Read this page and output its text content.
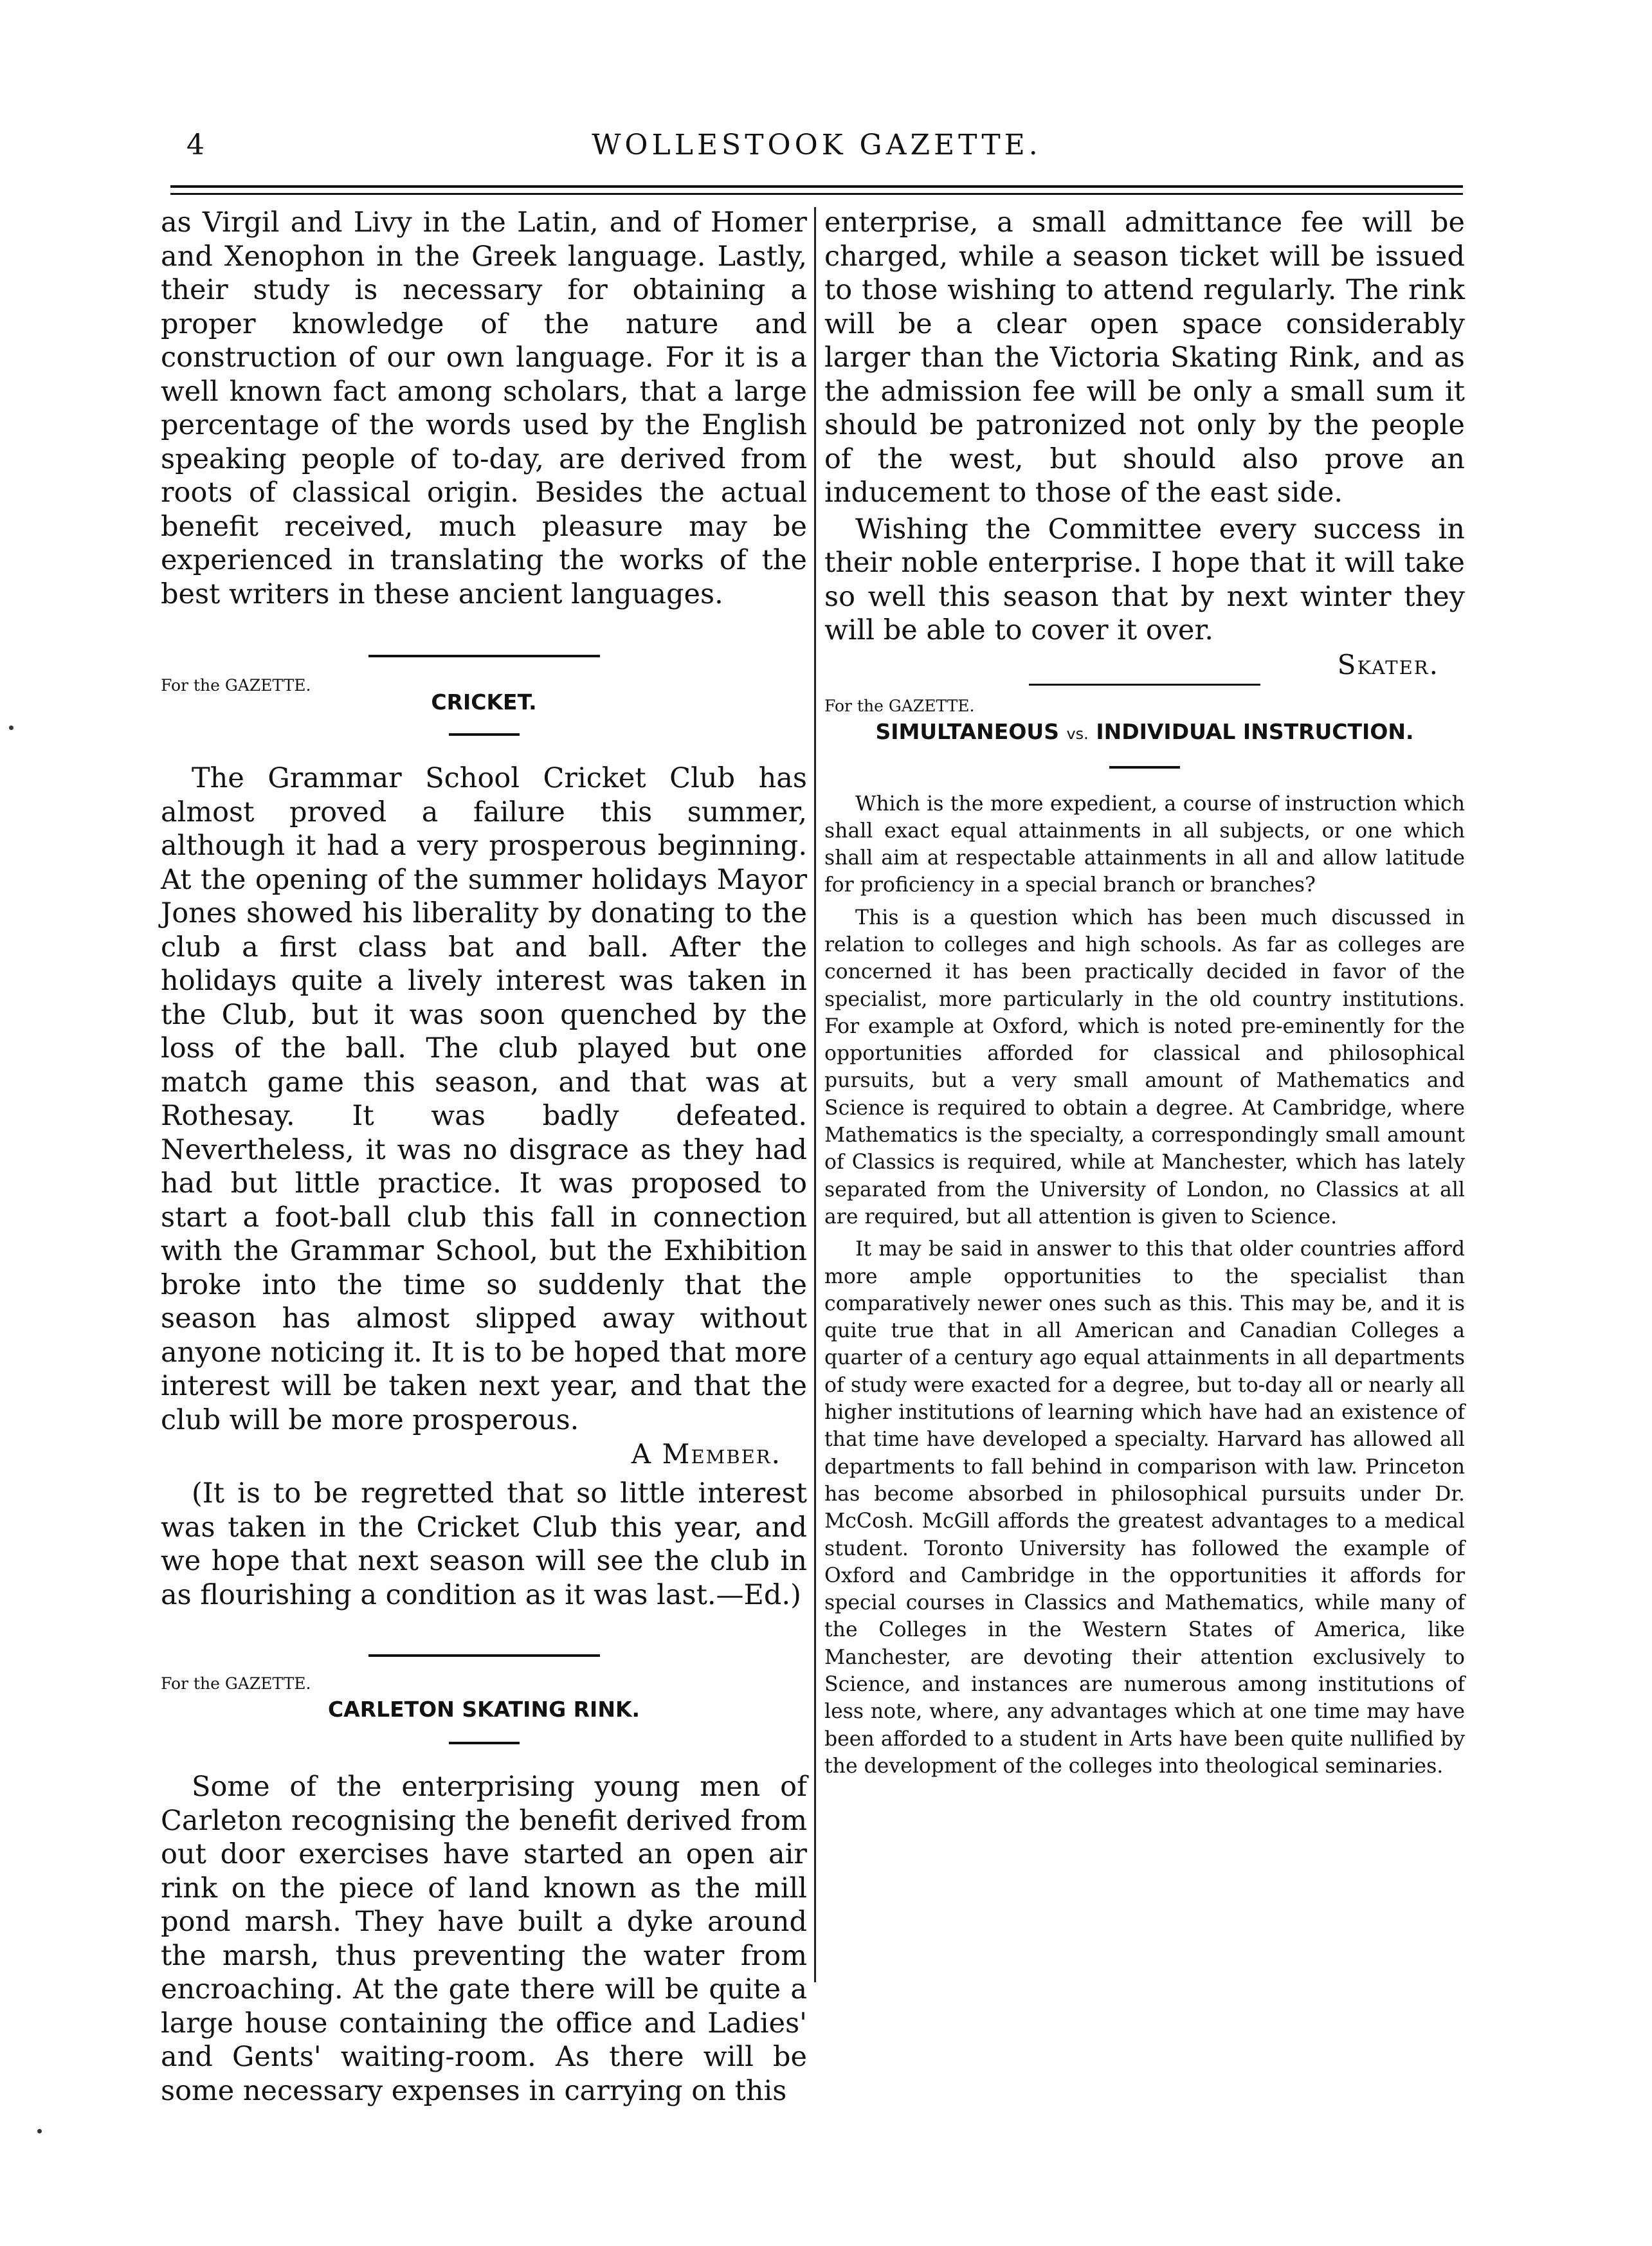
4	WOLLESTOOK GAZETTE.

as Virgil and Livy in the Latin, and of Homer and Xenophon in the Greek language. Lastly, their study is necessary for obtaining a proper knowledge of the nature and construction of our own language. For it is a well known fact among scholars, that a large percentage of the words used by the English speaking people of to-day, are derived from roots of classical origin. Besides the actual benefit received, much pleasure may be experienced in translating the works of the best writers in these ancient languages.

For the GAZETTE.
CRICKET.

The Grammar School Cricket Club has almost proved a failure this summer, although it had a very prosperous beginning. At the opening of the summer holidays Mayor Jones showed his liberality by donating to the club a first class bat and ball. After the holidays quite a lively interest was taken in the Club, but it was soon quenched by the loss of the ball. The club played but one match game this season, and that was at Rothesay. It was badly defeated. Nevertheless, it was no disgrace as they had had but little practice. It was proposed to start a foot-ball club this fall in connection with the Grammar School, but the Exhibition broke into the time so suddenly that the season has almost slipped away without anyone noticing it. It is to be hoped that more interest will be taken next year, and that the club will be more prosperous.

A Member.

(It is to be regretted that so little interest was taken in the Cricket Club this year, and we hope that next season will see the club in as flourishing a condition as it was last.—Ed.)

For the GAZETTE.
CARLETON SKATING RINK.

Some of the enterprising young men of Carleton recognising the benefit derived from out door exercises have started an open air rink on the piece of land known as the mill pond marsh. They have built a dyke around the marsh, thus preventing the water from encroaching. At the gate there will be quite a large house containing the office and Ladies' and Gents' waiting-room. As there will be some necessary expenses in carrying on this

enterprise, a small admittance fee will be charged, while a season ticket will be issued to those wishing to attend regularly. The rink will be a clear open space considerably larger than the Victoria Skating Rink, and as the admission fee will be only a small sum it should be patronized not only by the people of the west, but should also prove an inducement to those of the east side.

Wishing the Committee every success in their noble enterprise. I hope that it will take so well this season that by next winter they will be able to cover it over.

Skater.
For the GAZETTE.
SIMULTANEOUS vs. INDIVIDUAL INSTRUCTION.

Which is the more expedient, a course of instruction which shall exact equal attainments in all subjects, or one which shall aim at respectable attainments in all and allow latitude for proficiency in a special branch or branches?

This is a question which has been much discussed in relation to colleges and high schools. As far as colleges are concerned it has been practically decided in favor of the specialist, more particularly in the old country institutions. For example at Oxford, which is noted pre-eminently for the opportunities afforded for classical and philosophical pursuits, but a very small amount of Mathematics and Science is required to obtain a degree. At Cambridge, where Mathematics is the specialty, a correspondingly small amount of Classics is required, while at Manchester, which has lately separated from the University of London, no Classics at all are required, but all attention is given to Science.

It may be said in answer to this that older countries afford more ample opportunities to the specialist than comparatively newer ones such as this. This may be, and it is quite true that in all American and Canadian Colleges a quarter of a century ago equal attainments in all departments of study were exacted for a degree, but to-day all or nearly all higher institutions of learning which have had an existence of that time have developed a specialty. Harvard has allowed all departments to fall behind in comparison with law. Princeton has become absorbed in philosophical pursuits under Dr. McCosh. McGill affords the greatest advantages to a medical student. Toronto University has followed the example of Oxford and Cambridge in the opportunities it affords for special courses in Classics and Mathematics, while many of the Colleges in the Western States of America, like Manchester, are devoting their attention exclusively to Science, and instances are numerous among institutions of less note, where, any advantages which at one time may have been afforded to a student in Arts have been quite nullified by the development of the colleges into theological seminaries.
